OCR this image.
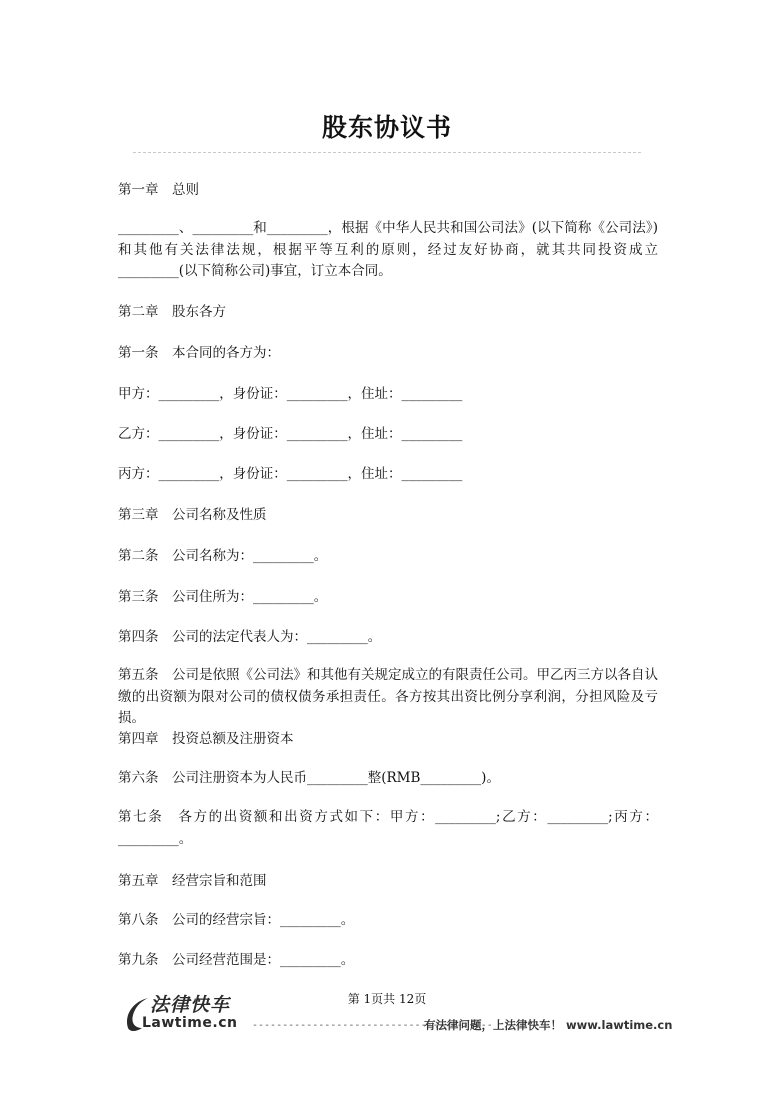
股东协议书
第一章　总则
_________、_________和_________，根据《中华人民共和国公司法》(以下简称《公司法》)和其他有关法律法规，根据平等互利的原则，经过友好协商，就其共同投资成立_________(以下简称公司)事宜，订立本合同。
第二章　股东各方
第一条　本合同的各方为：
甲方：_________，身份证：_________，住址：_________
乙方：_________，身份证：_________，住址：_________
丙方：_________，身份证：_________，住址：_________
第三章　公司名称及性质
第二条　公司名称为：_________。
第三条　公司住所为：_________。
第四条　公司的法定代表人为：_________。
第五条　公司是依照《公司法》和其他有关规定成立的有限责任公司。甲乙丙三方以各自认缴的出资额为限对公司的债权债务承担责任。各方按其出资比例分享利润，分担风险及亏损。
第四章　投资总额及注册资本
第六条　公司注册资本为人民币_________整(RMB_________)。
第七条　各方的出资额和出资方式如下：甲方：_________;乙方：_________;丙方：_________。
第五章　经营宗旨和范围
第八条　公司的经营宗旨：_________。
第九条　公司经营范围是：_________。
第 1页共 12页
法律快车
Lawtime.cn ----------------------------------------
有法律问题，上法律快车！ www.lawtime.cn
